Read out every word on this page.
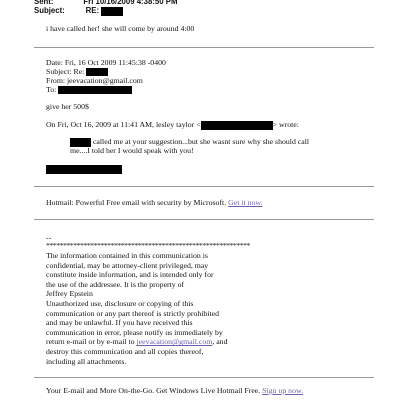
Sent:	Fri 10/16/2009 4:38:50 PM
Subject:	RE:
i have called her! she will come by around 4:00
Date: Fri, 16 Oct 2009 11:45:38 -0400
Subject: Re:
From: jeevacation@gmail.com
To:
give her 500$
On Fri, Oct 16, 2009 at 11:41 AM, lesley taylor <	> wrote:
called me at your suggestion...but she wasnt sure why she should call
me....I told her I would speak with you!
Hotmail: Powerful Free email with security by Microsoft. Get it now.
--
************************************************************
The information contained in this communication is
confidential, may be attorney-client privileged, may
constitute inside information, and is intended only for
the use of the addressee. It is the property of
Jeffrey Epstein
Unauthorized use, disclosure or copying of this
communication or any part thereof is strictly prohibited
and may be unlawful. If you have received this
communication in error, please notify us immediately by
return e-mail or by e-mail to jeevacation@gmail.com, and
destroy this communication and all copies thereof,
including all attachments.
Your E-mail and More On-the-Go. Get Windows Live Hotmail Free. Sign up now.
